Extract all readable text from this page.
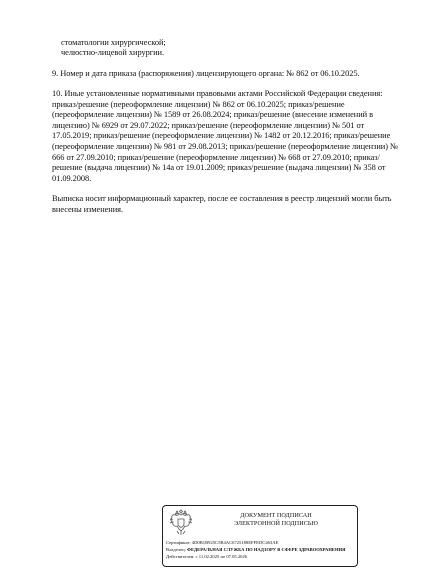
стоматологии хирургической;
челюстно-лицевой хирургии.
9. Номер и дата приказа (распоряжения) лицензирующего органа: № 862 от 06.10.2025.
10. Иные установленные нормативными правовыми актами Российской Федерации сведения: приказ/решение (переоформление лицензии) № 862 от 06.10.2025; приказ/решение (переоформление лицензии) № 1589 от 26.08.2024; приказ/решение (внесение изменений в лицензию) № 6929 от 29.07.2022; приказ/решение (переоформление лицензии) № 501 от 17.05.2019; приказ/решение (переоформление лицензии) № 1482 от 20.12.2016; приказ/решение (переоформление лицензии) № 981 от 29.08.2013; приказ/решение (переоформление лицензии) № 666 от 27.09.2010; приказ/решение (переоформление лицензии) № 668 от 27.09.2010; приказ/решение (выдача лицензии) № 14а от 19.01.2009; приказ/решение (выдача лицензии) № 358 от 01.09.2008.
Выписка носит информационный характер, после ее составления в реестр лицензий могли быть внесены изменения.
ДОКУМЕНТ ПОДПИСАН
ЭЛЕКТРОННОЙ ПОДПИСЬЮ
Сертификат: 4D0B1B925C5B4AC6725188EFFEDC463AE
Владелец: ФЕДЕРАЛЬНАЯ СЛУЖБА ПО НАДЗОРУ В СФЕРЕ ЗДРАВООХРАНЕНИЯ
Действителен: с 11.02.2025 по 07.05.2026
